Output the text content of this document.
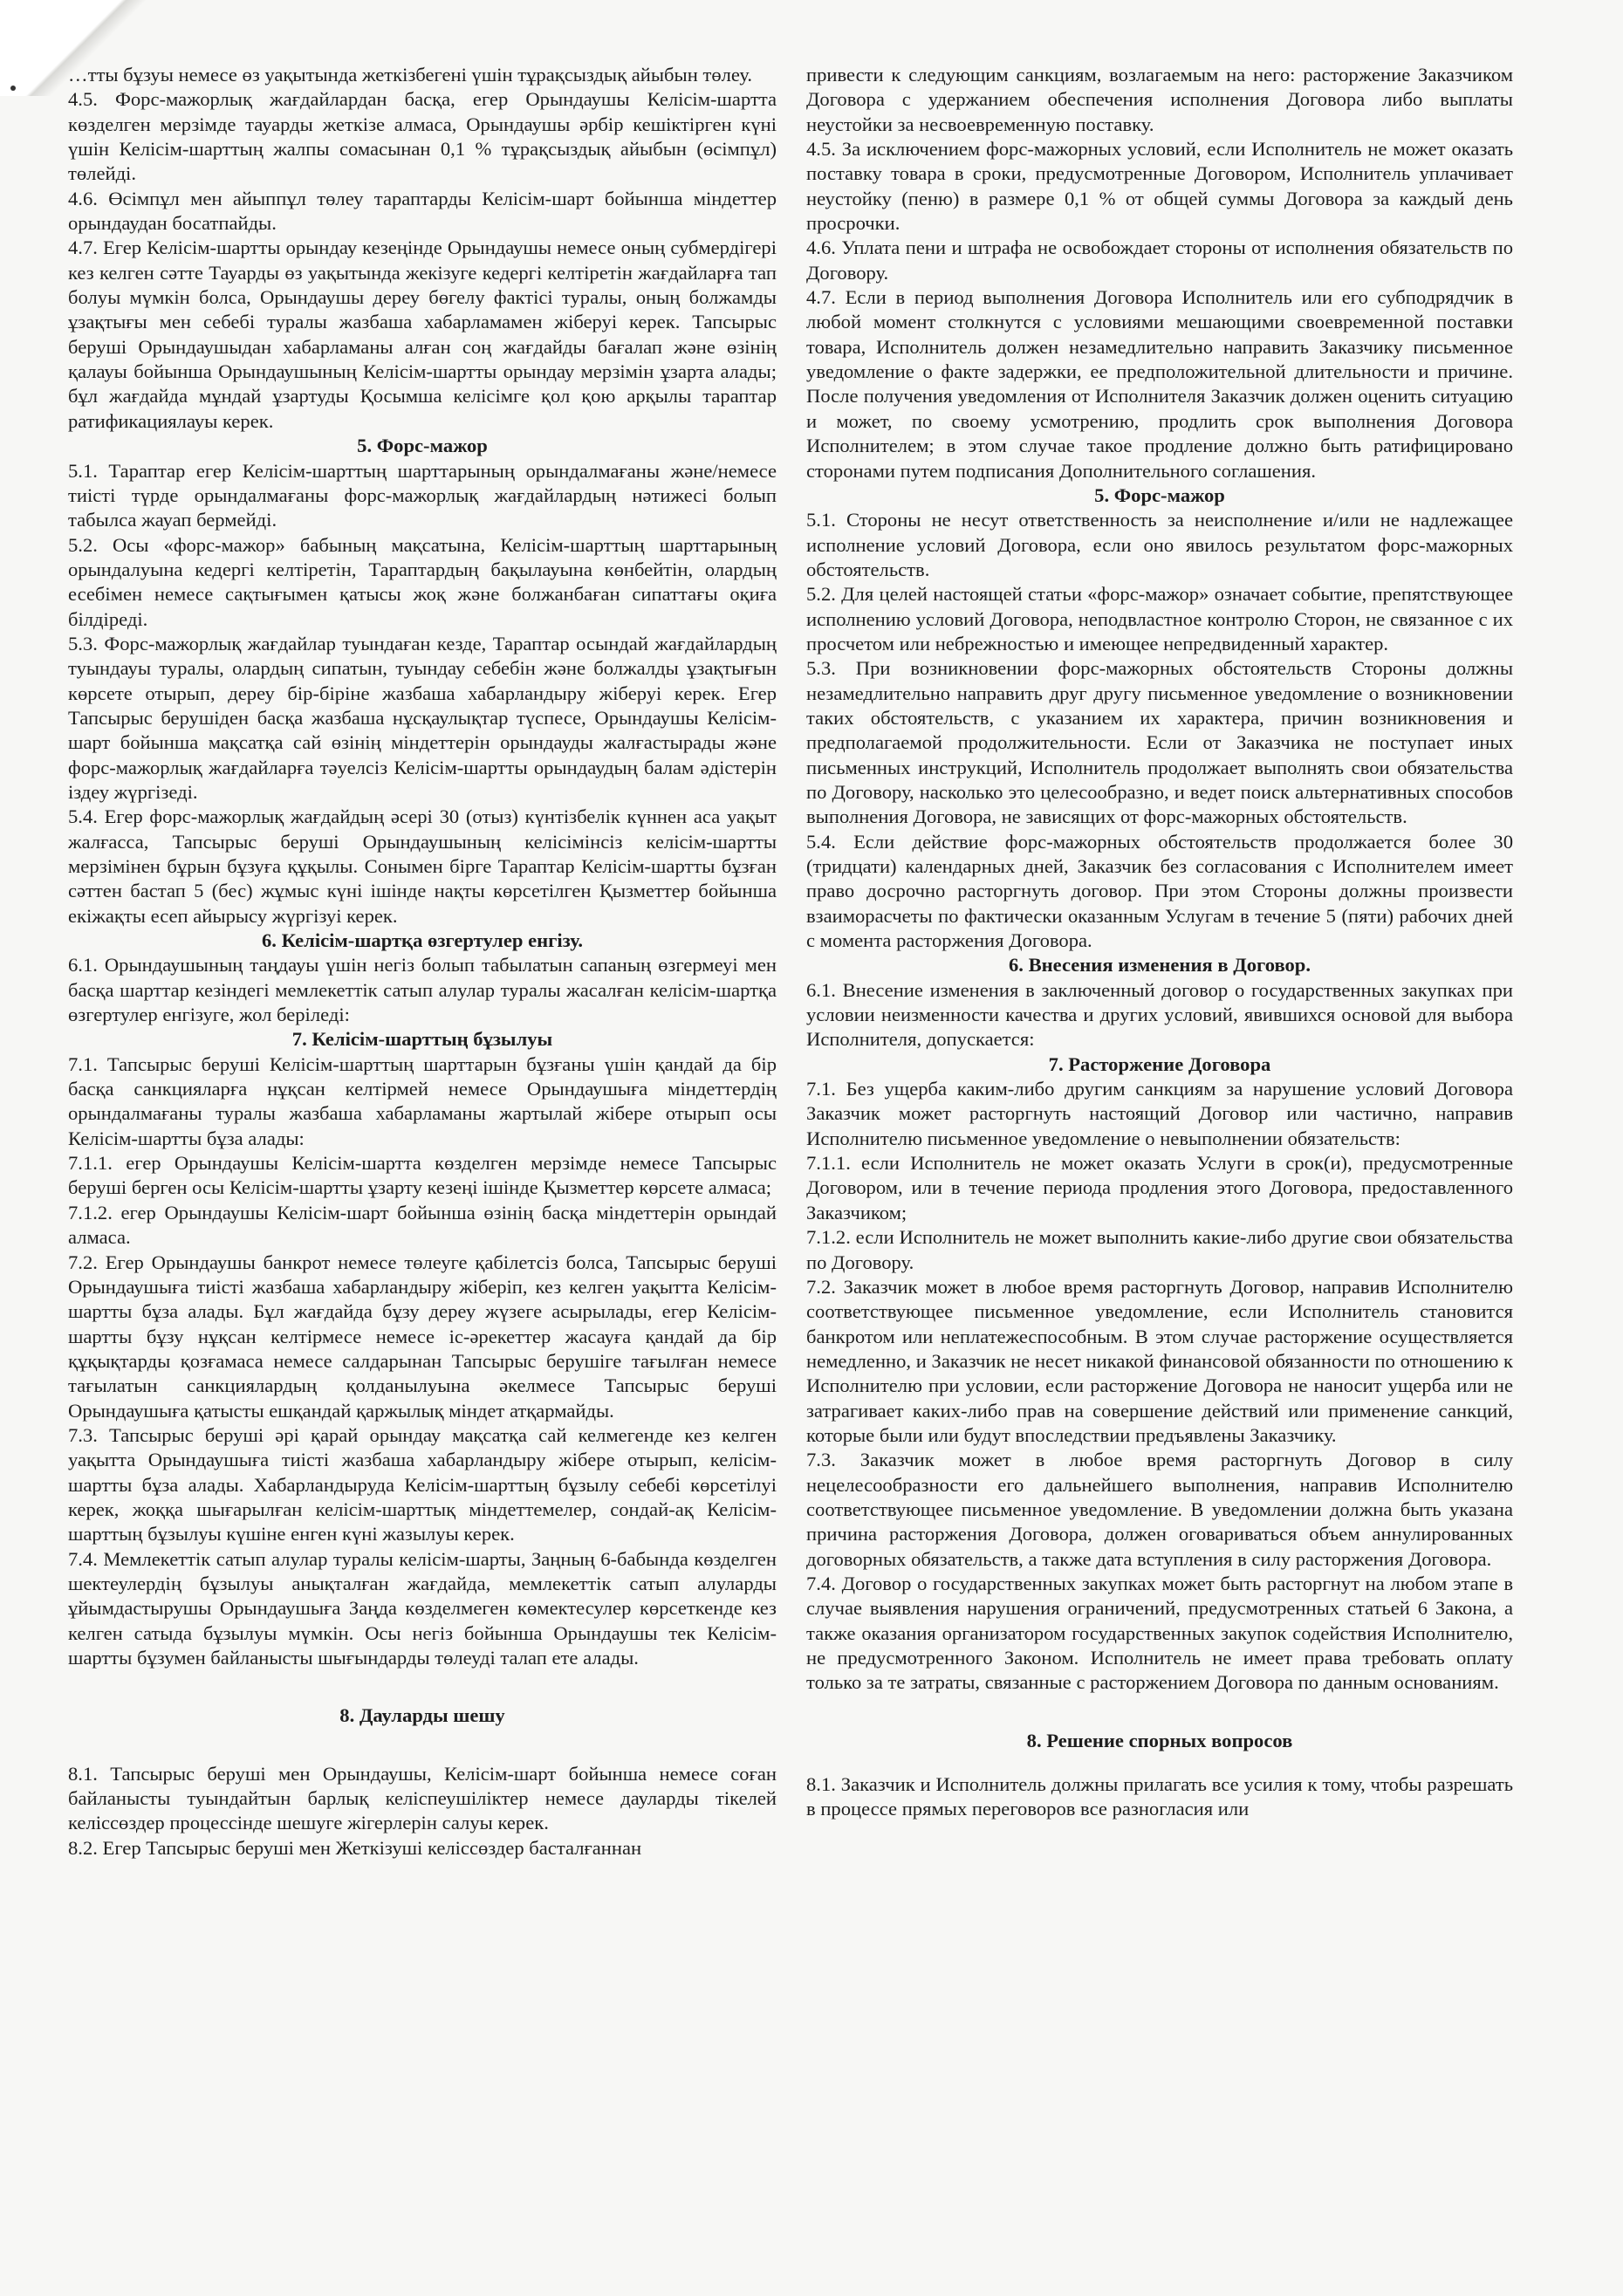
…тты бұзуы немесе өз уақытында жеткізбегені үшін тұрақсыздық айыбын төлеу.

4.5. Форс-мажорлық жағдайлардан басқа, егер Орындаушы Келісім-шартта көзделген мерзімде тауарды жеткізе алмаса, Орындаушы әрбір кешіктірген күні үшін Келісім-шарттың жалпы сомасынан 0,1 % тұрақсыздық айыбын (өсімпұл) төлейді.

4.6. Өсімпұл мен айыппұл төлеу тараптарды Келісім-шарт бойынша міндеттер орындаудан босатпайды.

4.7. Егер Келісім-шартты орындау кезеңінде Орындаушы немесе оның субмердігері кез келген сәтте Тауарды өз уақытында жекізуге кедергі келтіретін жағдайларға тап болуы мүмкін болса, Орындаушы дереу бөгелу фактісі туралы, оның болжамды ұзақтығы мен себебі туралы жазбаша хабарламамен жіберуі керек. Тапсырыс беруші Орындаушыдан хабарламаны алған соң жағдайды бағалап және өзінің қалауы бойынша Орындаушының Келісім-шартты орындау мерзімін ұзарта алады; бұл жағдайда мұндай ұзартуды Қосымша келісімге қол қою арқылы тараптар ратификациялауы керек.

5. Форс-мажор

5.1. Тараптар егер Келісім-шарттың шарттарының орындалмағаны және/немесе тиісті түрде орындалмағаны форс-мажорлық жағдайлардың нәтижесі болып табылса жауап бермейді.

5.2. Осы «форс-мажор» бабының мақсатына, Келісім-шарттың шарттарының орындалуына кедергі келтіретін, Тараптардың бақылауына көнбейтін, олардың есебімен немесе сақтығымен қатысы жоқ және болжанбаған сипаттағы оқиға білдіреді.

5.3. Форс-мажорлық жағдайлар туындаған кезде, Тараптар осындай жағдайлардың туындауы туралы, олардың сипатын, туындау себебін және болжалды ұзақтығын көрсете отырып, дереу бір-біріне жазбаша хабарландыру жіберуі керек. Егер Тапсырыс берушіден басқа жазбаша нұсқаулықтар түспесе, Орындаушы Келісім-шарт бойынша мақсатқа сай өзінің міндеттерін орындауды жалғастырады және форс-мажорлық жағдайларға тәуелсіз Келісім-шартты орындаудың балам әдістерін іздеу жүргізеді.

5.4. Егер форс-мажорлық жағдайдың әсері 30 (отыз) күнтізбелік күннен аса уақыт жалғасса, Тапсырыс беруші Орындаушының келісімінсіз келісім-шартты мерзімінен бұрын бұзуға құқылы. Сонымен бірге Тараптар Келісім-шартты бұзған сәттен бастап 5 (бес) жұмыс күні ішінде нақты көрсетілген Қызметтер бойынша екіжақты есеп айырысу жүргізуі керек.

6. Келісім-шартқа өзгертулер енгізу.

6.1. Орындаушының таңдауы үшін негіз болып табылатын сапаның өзгермеуі мен басқа шарттар кезіндегі мемлекеттік сатып алулар туралы жасалған келісім-шартқа өзгертулер енгізуге, жол беріледі:

7. Келісім-шарттың бұзылуы

7.1. Тапсырыс беруші Келісім-шарттың шарттарын бұзғаны үшін қандай да бір басқа санкцияларға нұқсан келтірмей немесе Орындаушыға міндеттердің орындалмағаны туралы жазбаша хабарламаны жартылай жібере отырып осы Келісім-шартты бұза алады:

7.1.1. егер Орындаушы Келісім-шартта көзделген мерзімде немесе Тапсырыс беруші берген осы Келісім-шартты ұзарту кезеңі ішінде Қызметтер көрсете алмаса;

7.1.2. егер Орындаушы Келісім-шарт бойынша өзінің басқа міндеттерін орындай алмаса.

7.2. Егер Орындаушы банкрот немесе төлеуге қабілетсіз болса, Тапсырыс беруші Орындаушыға тиісті жазбаша хабарландыру жіберіп, кез келген уақытта Келісім-шартты бұза алады. Бұл жағдайда бұзу дереу жүзеге асырылады, егер Келісім-шартты бұзу нұқсан келтірмесе немесе іс-әрекеттер жасауға қандай да бір құқықтарды қозғамаса немесе салдарынан Тапсырыс берушіге тағылған немесе тағылатын санкциялардың қолданылуына әкелмесе Тапсырыс беруші Орындаушыға қатысты ешқандай қаржылық міндет атқармайды.

7.3. Тапсырыс беруші әрі қарай орындау мақсатқа сай келмегенде кез келген уақытта Орындаушыға тиісті жазбаша хабарландыру жібере отырып, келісім-шартты бұза алады. Хабарландыруда Келісім-шарттың бұзылу себебі көрсетілуі керек, жоққа шығарылған келісім-шарттық міндеттемелер, сондай-ақ Келісім-шарттың бұзылуы күшіне енген күні жазылуы керек.

7.4. Мемлекеттік сатып алулар туралы келісім-шарты, Заңның 6-бабында көзделген шектеулердің бұзылуы анықталған жағдайда, мемлекеттік сатып алуларды ұйымдастырушы Орындаушыға Заңда көзделмеген көмектесулер көрсеткенде кез келген сатыда бұзылуы мүмкін. Осы негіз бойынша Орындаушы тек Келісім-шартты бұзумен байланысты шығындарды төлеуді талап ете алады.

8. Дауларды шешу

8.1. Тапсырыс беруші мен Орындаушы, Келісім-шарт бойынша немесе соған байланысты туындайтын барлық келіспеушіліктер немесе дауларды тікелей келіссөздер процессінде шешуге жігерлерін салуы керек.

8.2. Егер Тапсырыс беруші мен Жеткізуші келіссөздер басталғаннан

привести к следующим санкциям, возлагаемым на него: расторжение Заказчиком Договора с удержанием обеспечения исполнения Договора либо выплаты неустойки за несвоевременную поставку.

4.5. За исключением форс-мажорных условий, если Исполнитель не может оказать поставку товара в сроки, предусмотренные Договором, Исполнитель уплачивает неустойку (пеню) в размере 0,1 % от общей суммы Договора за каждый день просрочки.

4.6. Уплата пени и штрафа не освобождает стороны от исполнения обязательств по Договору.

4.7. Если в период выполнения Договора Исполнитель или его субподрядчик в любой момент столкнутся с условиями мешающими своевременной поставки товара, Исполнитель должен незамедлительно направить Заказчику письменное уведомление о факте задержки, ее предположительной длительности и причине. После получения уведомления от Исполнителя Заказчик должен оценить ситуацию и может, по своему усмотрению, продлить срок выполнения Договора Исполнителем; в этом случае такое продление должно быть ратифицировано сторонами путем подписания Дополнительного соглашения.

5. Форс-мажор

5.1. Стороны не несут ответственность за неисполнение и/или не надлежащее исполнение условий Договора, если оно явилось результатом форс-мажорных обстоятельств.

5.2. Для целей настоящей статьи «форс-мажор» означает событие, препятствующее исполнению условий Договора, неподвластное контролю Сторон, не связанное с их просчетом или небрежностью и имеющее непредвиденный характер.

5.3. При возникновении форс-мажорных обстоятельств Стороны должны незамедлительно направить друг другу письменное уведомление о возникновении таких обстоятельств, с указанием их характера, причин возникновения и предполагаемой продолжительности. Если от Заказчика не поступает иных письменных инструкций, Исполнитель продолжает выполнять свои обязательства по Договору, насколько это целесообразно, и ведет поиск альтернативных способов выполнения Договора, не зависящих от форс-мажорных обстоятельств.

5.4. Если действие форс-мажорных обстоятельств продолжается более 30 (тридцати) календарных дней, Заказчик без согласования с Исполнителем имеет право досрочно расторгнуть договор. При этом Стороны должны произвести взаиморасчеты по фактически оказанным Услугам в течение 5 (пяти) рабочих дней с момента расторжения Договора.

6. Внесения изменения в Договор.

6.1. Внесение изменения в заключенный договор о государственных закупках при условии неизменности качества и других условий, явившихся основой для выбора Исполнителя, допускается:

7. Расторжение Договора

7.1. Без ущерба каким-либо другим санкциям за нарушение условий Договора Заказчик может расторгнуть настоящий Договор или частично, направив Исполнителю письменное уведомление о невыполнении обязательств:

7.1.1. если Исполнитель не может оказать Услуги в срок(и), предусмотренные Договором, или в течение периода продления этого Договора, предоставленного Заказчиком;

7.1.2. если Исполнитель не может выполнить какие-либо другие свои обязательства по Договору.

7.2. Заказчик может в любое время расторгнуть Договор, направив Исполнителю соответствующее письменное уведомление, если Исполнитель становится банкротом или неплатежеспособным. В этом случае расторжение осуществляется немедленно, и Заказчик не несет никакой финансовой обязанности по отношению к Исполнителю при условии, если расторжение Договора не наносит ущерба или не затрагивает каких-либо прав на совершение действий или применение санкций, которые были или будут впоследствии предъявлены Заказчику.

7.3. Заказчик может в любое время расторгнуть Договор в силу нецелесообразности его дальнейшего выполнения, направив Исполнителю соответствующее письменное уведомление. В уведомлении должна быть указана причина расторжения Договора, должен оговариваться объем аннулированных договорных обязательств, а также дата вступления в силу расторжения Договора.

7.4. Договор о государственных закупках может быть расторгнут на любом этапе в случае выявления нарушения ограничений, предусмотренных статьей 6 Закона, а также оказания организатором государственных закупок содействия Исполнителю, не предусмотренного Законом. Исполнитель не имеет права требовать оплату только за те затраты, связанные с расторжением Договора по данным основаниям.

8. Решение спорных вопросов

8.1. Заказчик и Исполнитель должны прилагать все усилия к тому, чтобы разрешать в процессе прямых переговоров все разногласия или
